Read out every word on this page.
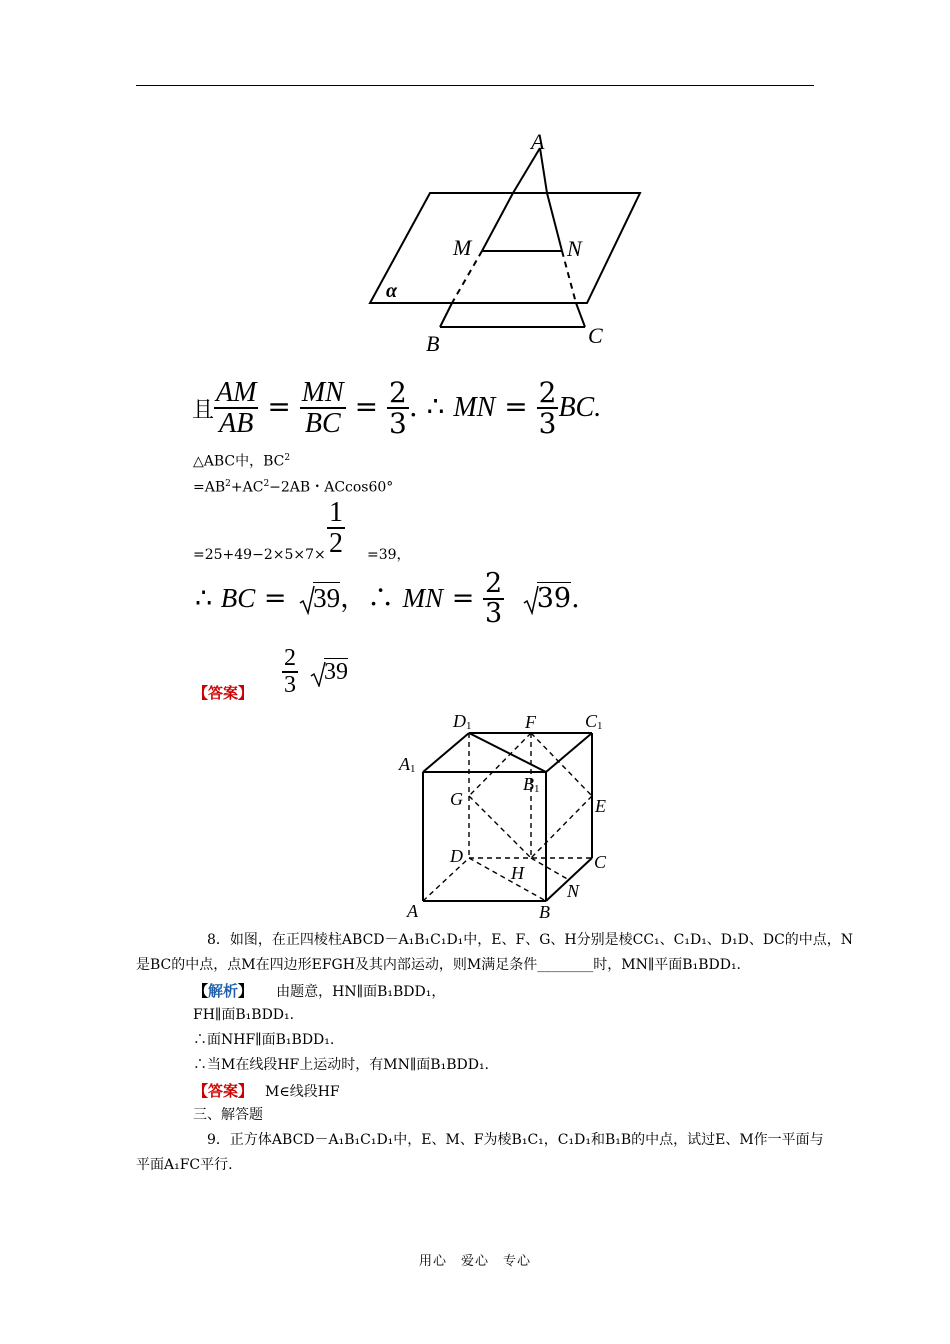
A
M	N
α
B	C
且 $\frac{AM}{AB} = \frac{MN}{BC} = \frac{2}{3}$ . ∴ MN = $\frac{2}{3}$ BC.
△ABC中，$BC^2$
$=AB^2+AC^2-2AB$・ACcos60°
$=25+49-2\times 5\times 7\times \frac{1}{2} =39$，
∴ BC =
39，∴ MN = $\frac{2}{3}$
39.
【答案】 $\frac{2}{3}$
39
D1	F	C1
A1
B1
G	E
D
H
C
N
A	B
8．如图，在正四棱柱ABCD－A₁B₁C₁D₁中，E、F、G、H分别是棱CC₁、C₁D₁、D₁D、DC的中点，N
是BC的中点，点M在四边形EFGH及其内部运动，则M满足条件________时，MN∥平面B₁BDD₁.
【解析】 由题意，HN∥面B₁BDD₁，
FH∥面B₁BDD₁.
∴面NHF∥面B₁BDD₁.
∴当M在线段HF上运动时，有MN∥面B₁BDD₁.
【答案】 M∈线段HF
三、解答题
9．正方体ABCD－A₁B₁C₁D₁中，E、M、F为棱B₁C₁，C₁D₁和B₁B的中点，试过E、M作一平面与
平面A₁FC平行.
用心　爱心　专心
